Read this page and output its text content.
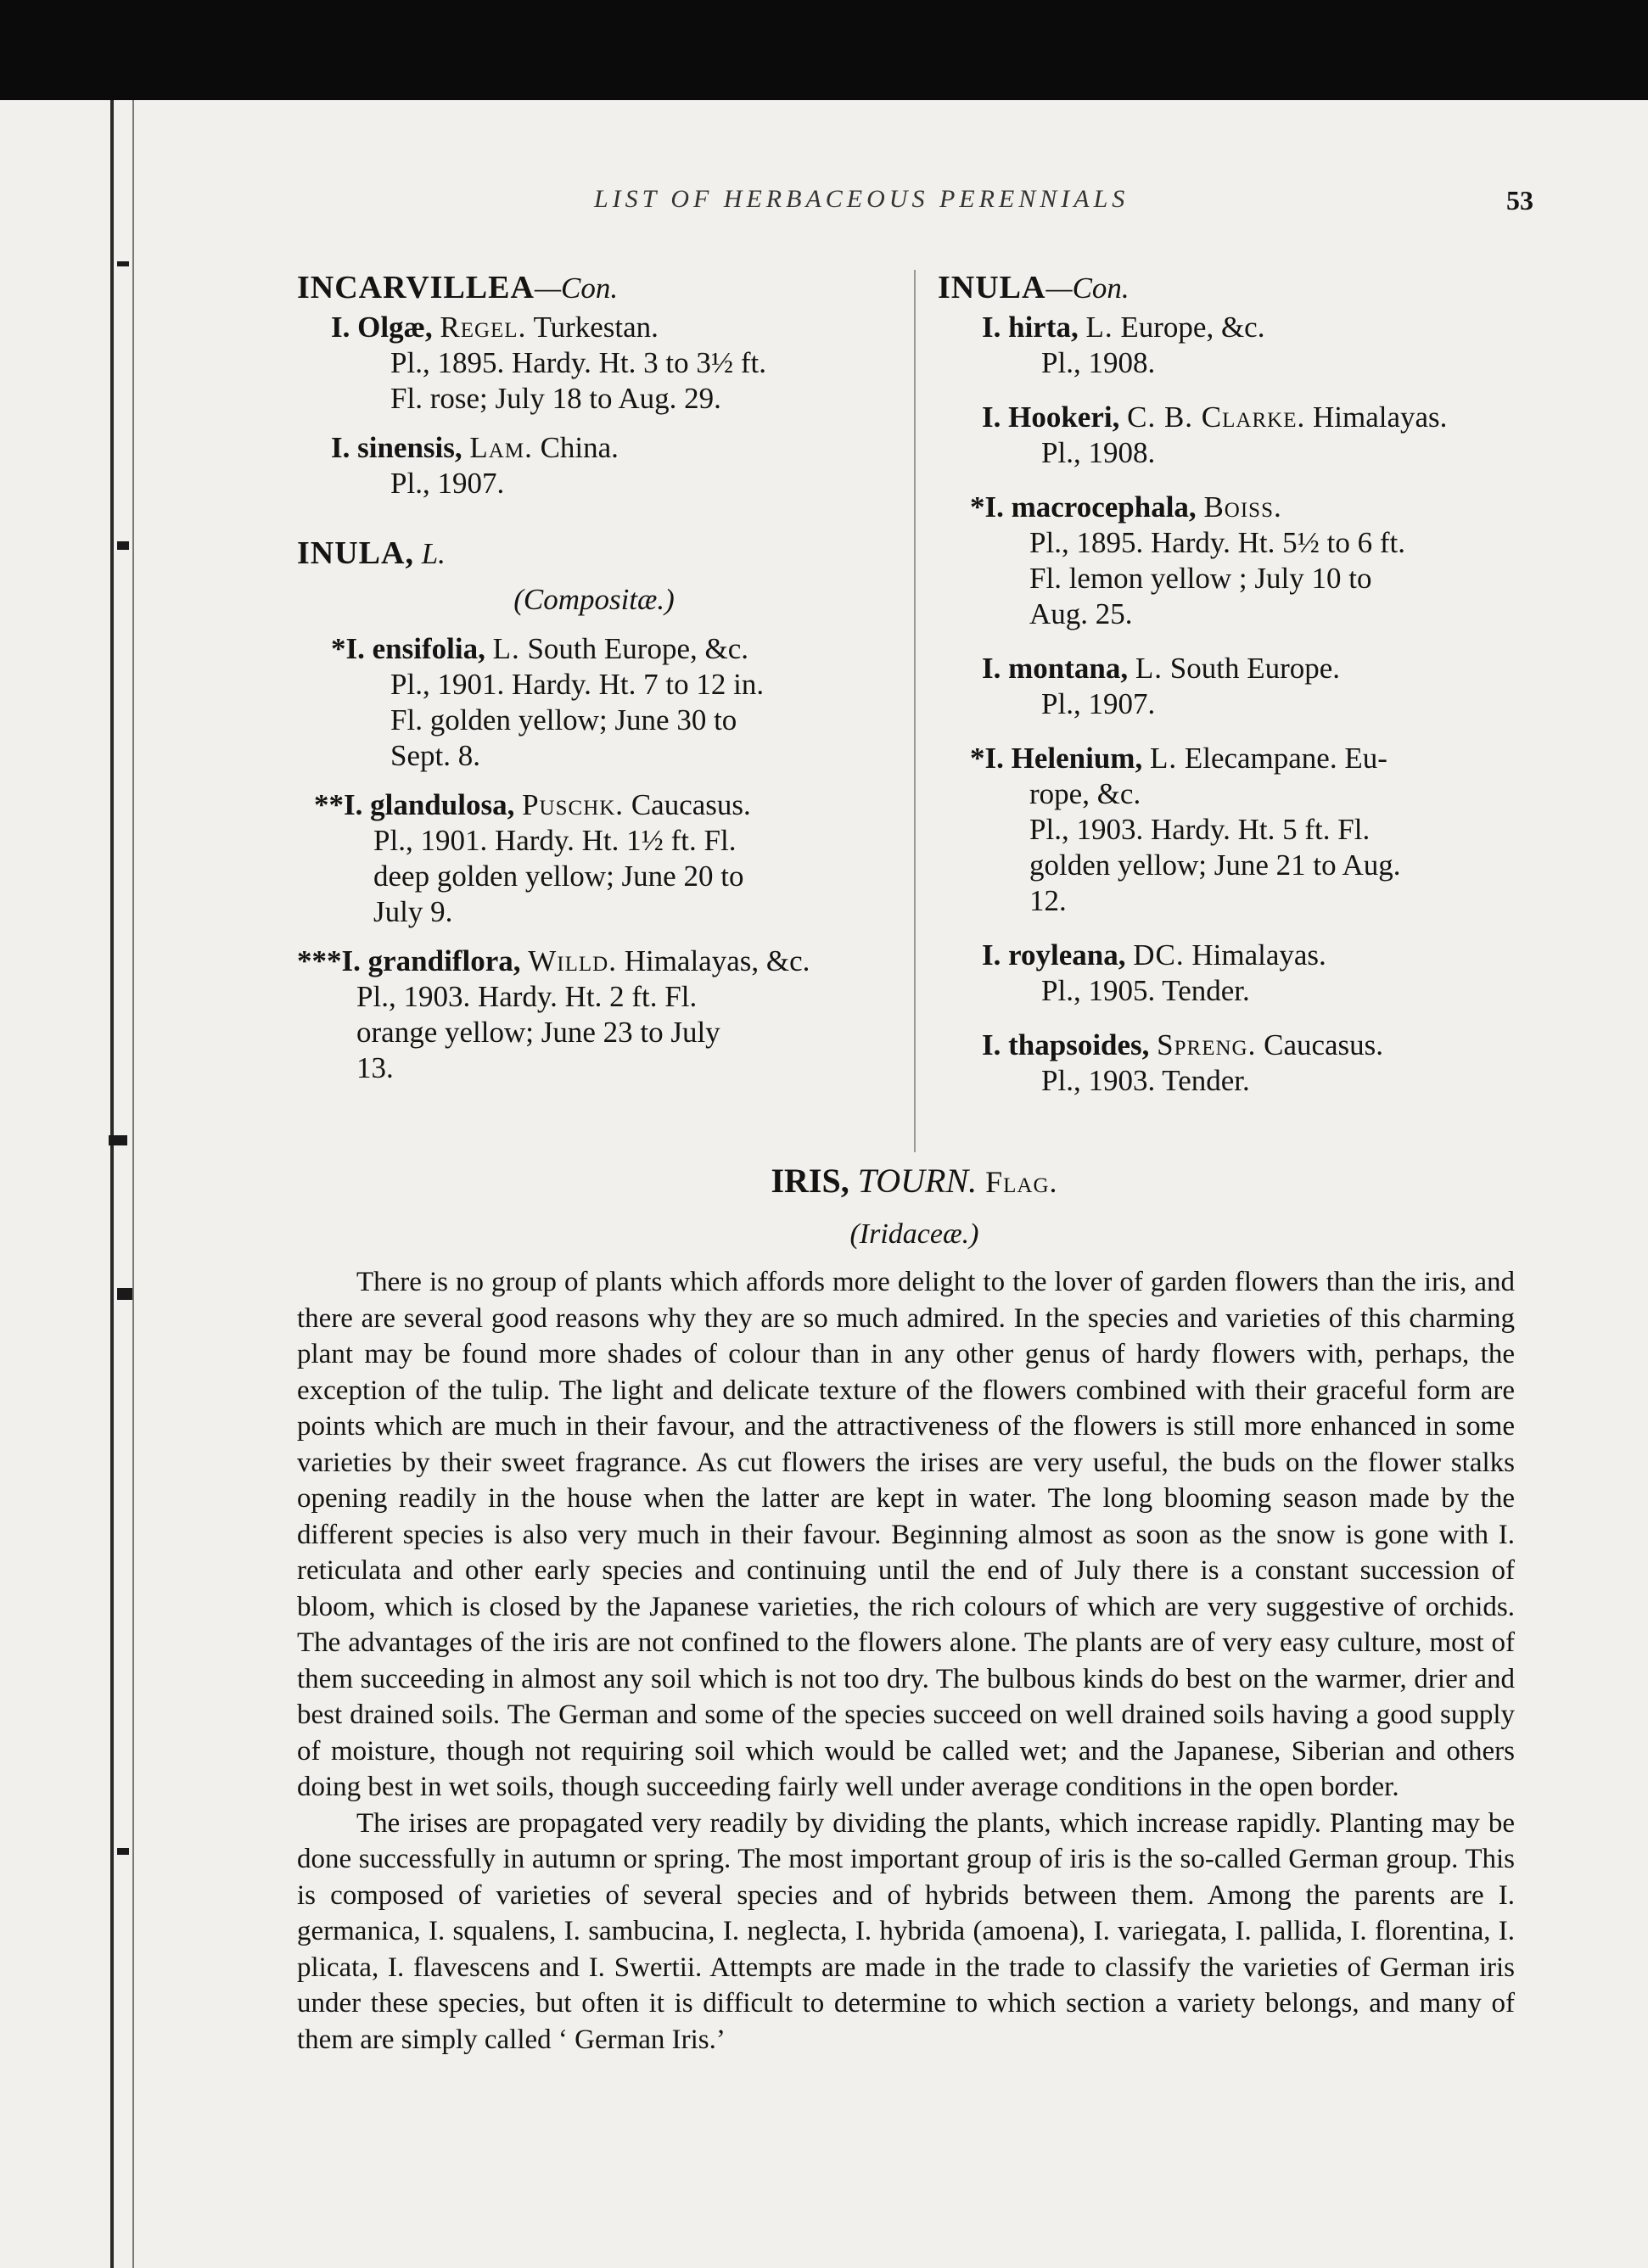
LIST OF HERBACEOUS PERENNIALS	53
INCARVILLEA—Con.
I. Olgæ, Regel. Turkestan.
Pl., 1895. Hardy. Ht. 3 to 3½ ft.
Fl. rose; July 18 to Aug. 29.
I. sinensis, Lam. China.
Pl., 1907.
INULA, L.
(Compositæ.)
*I. ensifolia, L. South Europe, &c.
Pl., 1901. Hardy. Ht. 7 to 12 in.
Fl. golden yellow; June 30 to
Sept. 8.
**I. glandulosa, Puschk. Caucasus.
Pl., 1901. Hardy. Ht. 1½ ft. Fl.
deep golden yellow; June 20 to
July 9.
***I. grandiflora, Willd. Himalayas, &c.
Pl., 1903. Hardy. Ht. 2 ft. Fl.
orange yellow; June 23 to July
13.
INULA—Con.
I. hirta, L. Europe, &c.
Pl., 1908.
I. Hookeri, C. B. Clarke. Himalayas.
Pl., 1908.
*I. macrocephala, Boiss.
Pl., 1895. Hardy. Ht. 5½ to 6 ft.
Fl. lemon yellow ; July 10 to
Aug. 25.
I. montana, L. South Europe.
Pl., 1907.
*I. Helenium, L. Elecampane. Eu-
rope, &c.
Pl., 1903. Hardy. Ht. 5 ft. Fl.
golden yellow; June 21 to Aug.
12.
I. royleana, DC. Himalayas.
Pl., 1905. Tender.
I. thapsoides, Spreng. Caucasus.
Pl., 1903. Tender.
IRIS, TOURN. Flag.
(Iridaceæ.)

There is no group of plants which affords more delight to the lover of garden flowers than the iris, and there are several good reasons why they are so much admired. In the species and varieties of this charming plant may be found more shades of colour than in any other genus of hardy flowers with, perhaps, the exception of the tulip. The light and delicate texture of the flowers combined with their graceful form are points which are much in their favour, and the attractiveness of the flowers is still more enhanced in some varieties by their sweet fragrance. As cut flowers the irises are very useful, the buds on the flower stalks opening readily in the house when the latter are kept in water. The long blooming season made by the different species is also very much in their favour. Beginning almost as soon as the snow is gone with I. reticulata and other early species and continuing until the end of July there is a constant succession of bloom, which is closed by the Japanese varieties, the rich colours of which are very suggestive of orchids. The advantages of the iris are not confined to the flowers alone. The plants are of very easy culture, most of them succeeding in almost any soil which is not too dry. The bulbous kinds do best on the warmer, drier and best drained soils. The German and some of the species succeed on well drained soils having a good supply of moisture, though not requiring soil which would be called wet; and the Japanese, Siberian and others doing best in wet soils, though succeeding fairly well under average conditions in the open border.

The irises are propagated very readily by dividing the plants, which increase rapidly. Planting may be done successfully in autumn or spring. The most important group of iris is the so-called German group. This is composed of varieties of several species and of hybrids between them. Among the parents are I. germanica, I. squalens, I. sambucina, I. neglecta, I. hybrida (amoena), I. variegata, I. pallida, I. florentina, I. plicata, I. flavescens and I. Swertii. Attempts are made in the trade to classify the varieties of German iris under these species, but often it is difficult to determine to which section a variety belongs, and many of them are simply called ‘ German Iris.’
